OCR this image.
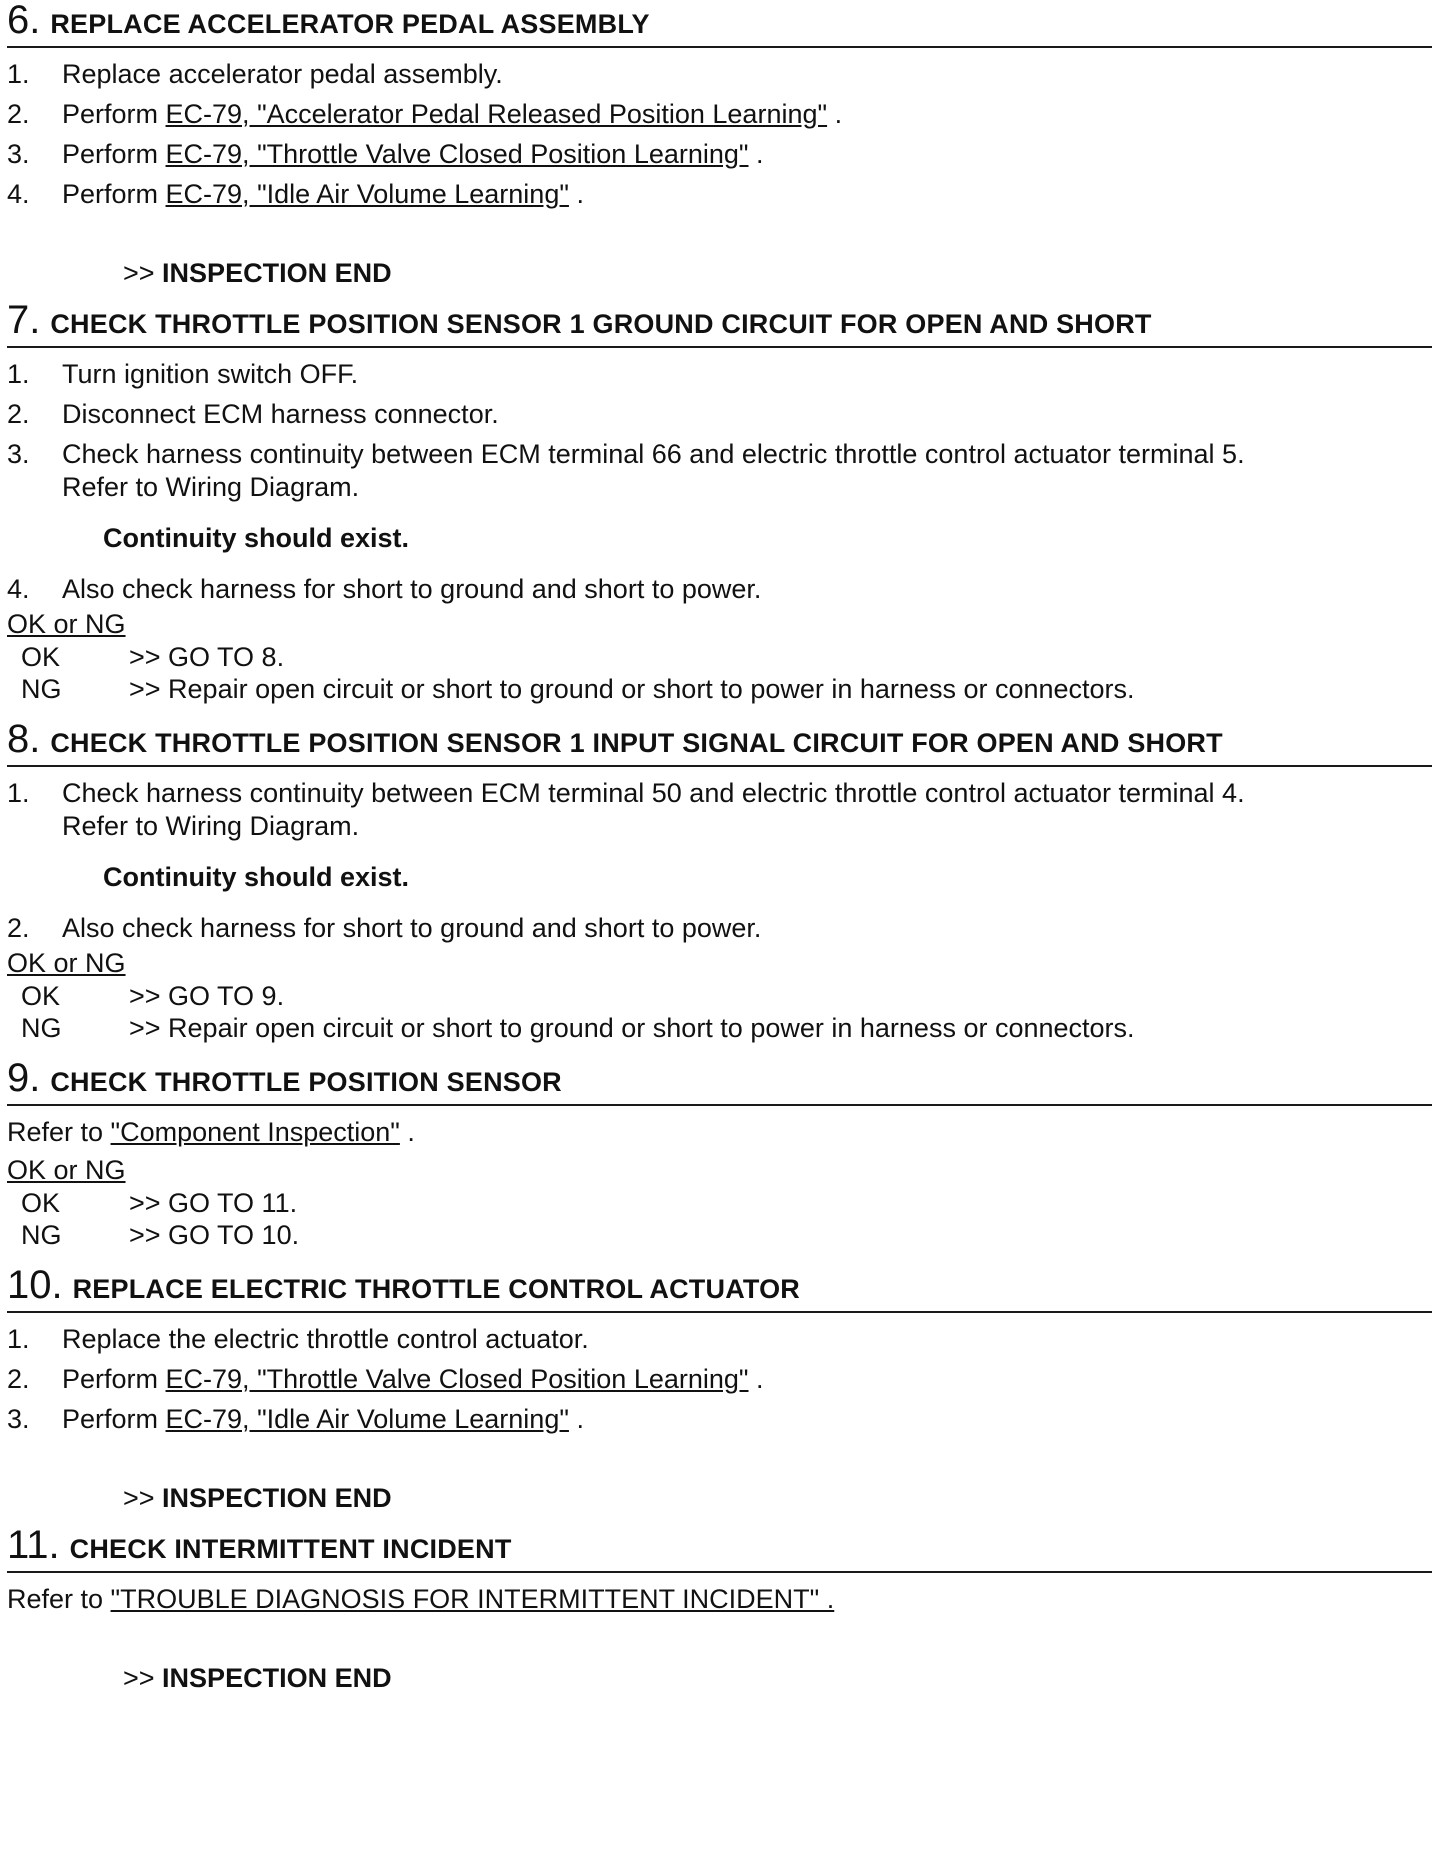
6. REPLACE ACCELERATOR PEDAL ASSEMBLY
1.	Replace accelerator pedal assembly.
2.	Perform EC-79, "Accelerator Pedal Released Position Learning" .
3.	Perform EC-79, "Throttle Valve Closed Position Learning" .
4.	Perform EC-79, "Idle Air Volume Learning" .
>> INSPECTION END
7. CHECK THROTTLE POSITION SENSOR 1 GROUND CIRCUIT FOR OPEN AND SHORT
1.	Turn ignition switch OFF.
2.	Disconnect ECM harness connector.
3.	Check harness continuity between ECM terminal 66 and electric throttle control actuator terminal 5.
Refer to Wiring Diagram.
Continuity should exist.
4.	Also check harness for short to ground and short to power.
OK or NG
OK	>> GO TO 8.
NG	>> Repair open circuit or short to ground or short to power in harness or connectors.
8. CHECK THROTTLE POSITION SENSOR 1 INPUT SIGNAL CIRCUIT FOR OPEN AND SHORT
1.	Check harness continuity between ECM terminal 50 and electric throttle control actuator terminal 4.
Refer to Wiring Diagram.
Continuity should exist.
2.	Also check harness for short to ground and short to power.
OK or NG
OK	>> GO TO 9.
NG	>> Repair open circuit or short to ground or short to power in harness or connectors.
9. CHECK THROTTLE POSITION SENSOR
Refer to "Component Inspection" .
OK or NG
OK	>> GO TO 11.
NG	>> GO TO 10.
10. REPLACE ELECTRIC THROTTLE CONTROL ACTUATOR
1.	Replace the electric throttle control actuator.
2.	Perform EC-79, "Throttle Valve Closed Position Learning" .
3.	Perform EC-79, "Idle Air Volume Learning" .
>> INSPECTION END
11. CHECK INTERMITTENT INCIDENT
Refer to "TROUBLE DIAGNOSIS FOR INTERMITTENT INCIDENT" .
>> INSPECTION END
